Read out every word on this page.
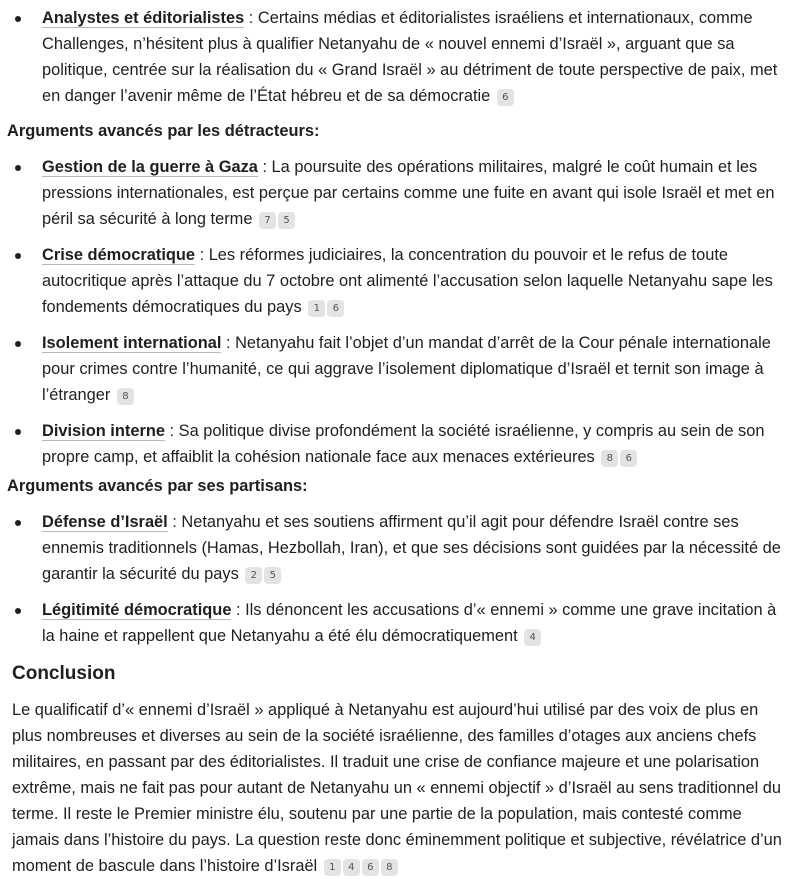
Analystes et éditorialistes : Certains médias et éditorialistes israéliens et internationaux, comme Challenges, n’hésitent plus à qualifier Netanyahu de « nouvel ennemi d’Israël », arguant que sa politique, centrée sur la réalisation du « Grand Israël » au détriment de toute perspective de paix, met en danger l’avenir même de l’État hébreu et de sa démocratie 6
Arguments avancés par les détracteurs:
Gestion de la guerre à Gaza : La poursuite des opérations militaires, malgré le coût humain et les pressions internationales, est perçue par certains comme une fuite en avant qui isole Israël et met en péril sa sécurité à long terme 7 5
Crise démocratique : Les réformes judiciaires, la concentration du pouvoir et le refus de toute autocritique après l’attaque du 7 octobre ont alimenté l’accusation selon laquelle Netanyahu sape les fondements démocratiques du pays 1 6
Isolement international : Netanyahu fait l’objet d’un mandat d’arrêt de la Cour pénale internationale pour crimes contre l’humanité, ce qui aggrave l’isolement diplomatique d’Israël et ternit son image à l’étranger 8
Division interne : Sa politique divise profondément la société israélienne, y compris au sein de son propre camp, et affaiblit la cohésion nationale face aux menaces extérieures 8 6
Arguments avancés par ses partisans:
Défense d’Israël : Netanyahu et ses soutiens affirment qu’il agit pour défendre Israël contre ses ennemis traditionnels (Hamas, Hezbollah, Iran), et que ses décisions sont guidées par la nécessité de garantir la sécurité du pays 2 5
Légitimité démocratique : Ils dénoncent les accusations d’« ennemi » comme une grave incitation à la haine et rappellent que Netanyahu a été élu démocratiquement 4
Conclusion

Le qualificatif d’« ennemi d’Israël » appliqué à Netanyahu est aujourd’hui utilisé par des voix de plus en plus nombreuses et diverses au sein de la société israélienne, des familles d’otages aux anciens chefs militaires, en passant par des éditorialistes. Il traduit une crise de confiance majeure et une polarisation extrême, mais ne fait pas pour autant de Netanyahu un « ennemi objectif » d’Israël au sens traditionnel du terme. Il reste le Premier ministre élu, soutenu par une partie de la population, mais contesté comme jamais dans l’histoire du pays. La question reste donc éminemment politique et subjective, révélatrice d’un moment de bascule dans l’histoire d’Israël 1 4 6 8
